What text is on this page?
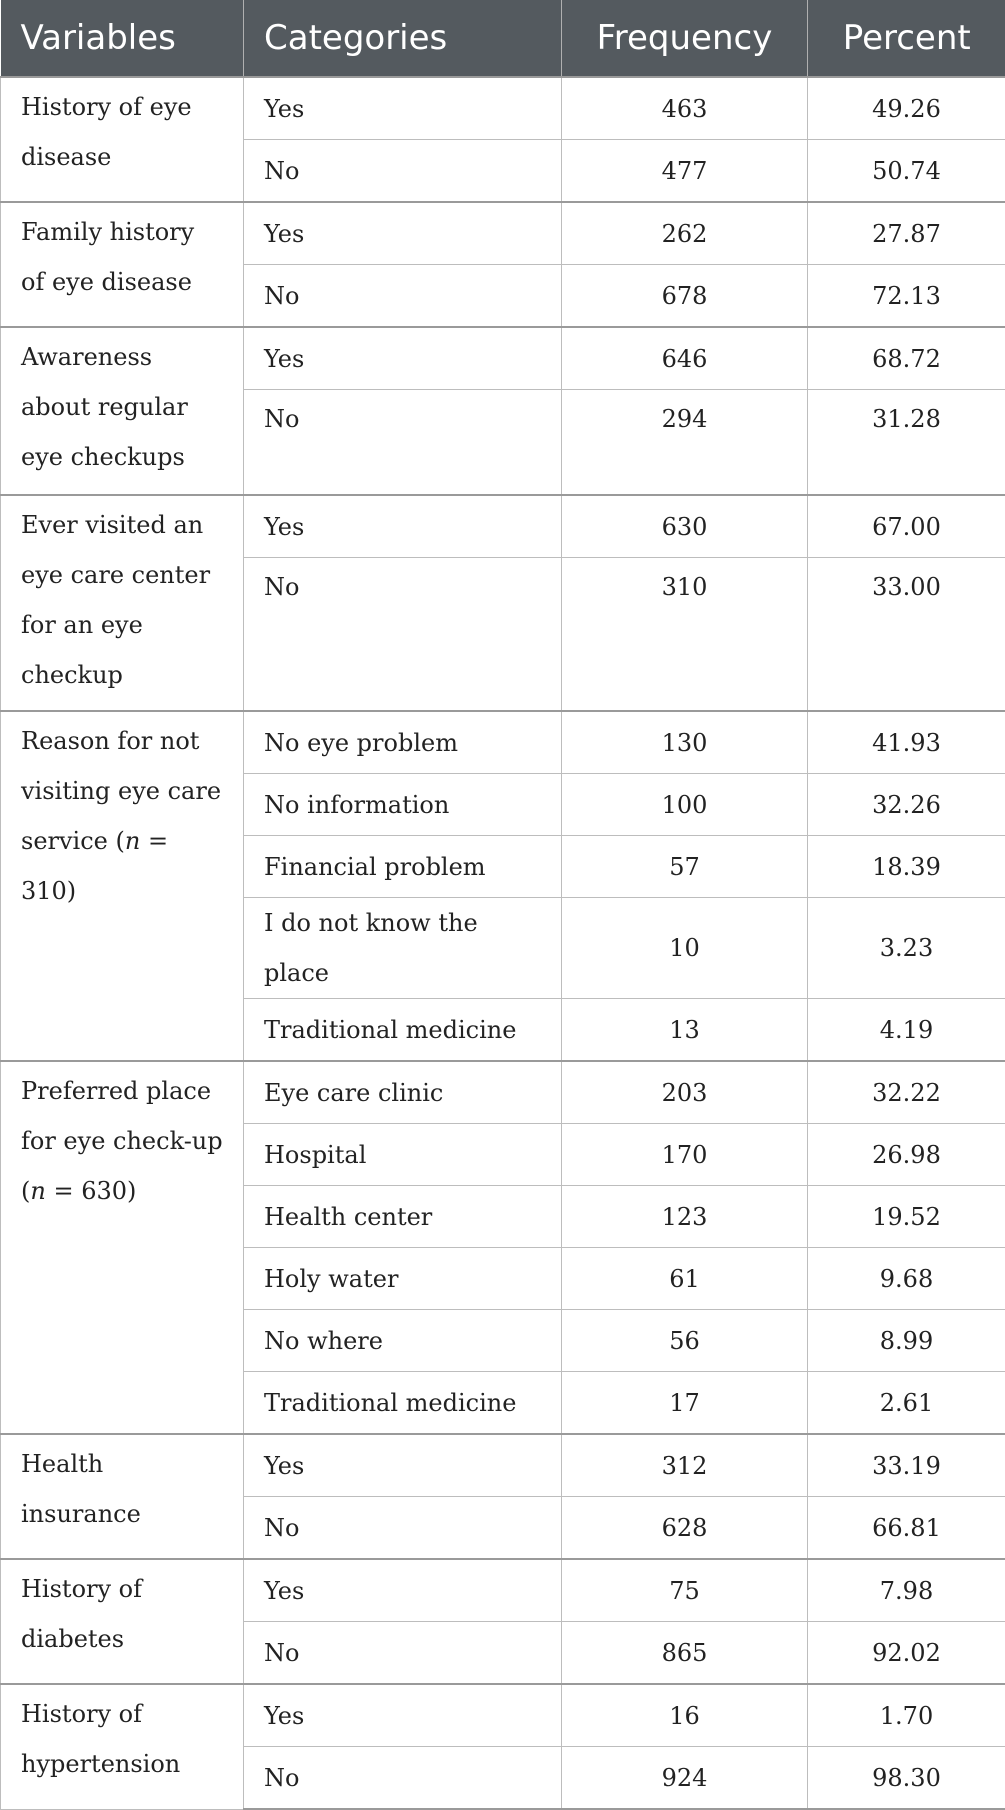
Variables	Categories	Frequency	Percent
History of eye disease	Yes	463	49.26
	No	477	50.74
Family history of eye disease	Yes	262	27.87
	No	678	72.13
Awareness about regular eye checkups	Yes	646	68.72
	No	294	31.28
Ever visited an eye care center for an eye checkup	Yes	630	67.00
	No	310	33.00
Reason for not visiting eye care service (n = 310)	No eye problem	130	41.93
	No information	100	32.26
	Financial problem	57	18.39
	I do not know the place	10	3.23
	Traditional medicine	13	4.19
Preferred place for eye check-up (n = 630)	Eye care clinic	203	32.22
	Hospital	170	26.98
	Health center	123	19.52
	Holy water	61	9.68
	No where	56	8.99
	Traditional medicine	17	2.61
Health insurance	Yes	312	33.19
	No	628	66.81
History of diabetes	Yes	75	7.98
	No	865	92.02
History of hypertension	Yes	16	1.70
	No	924	98.30
